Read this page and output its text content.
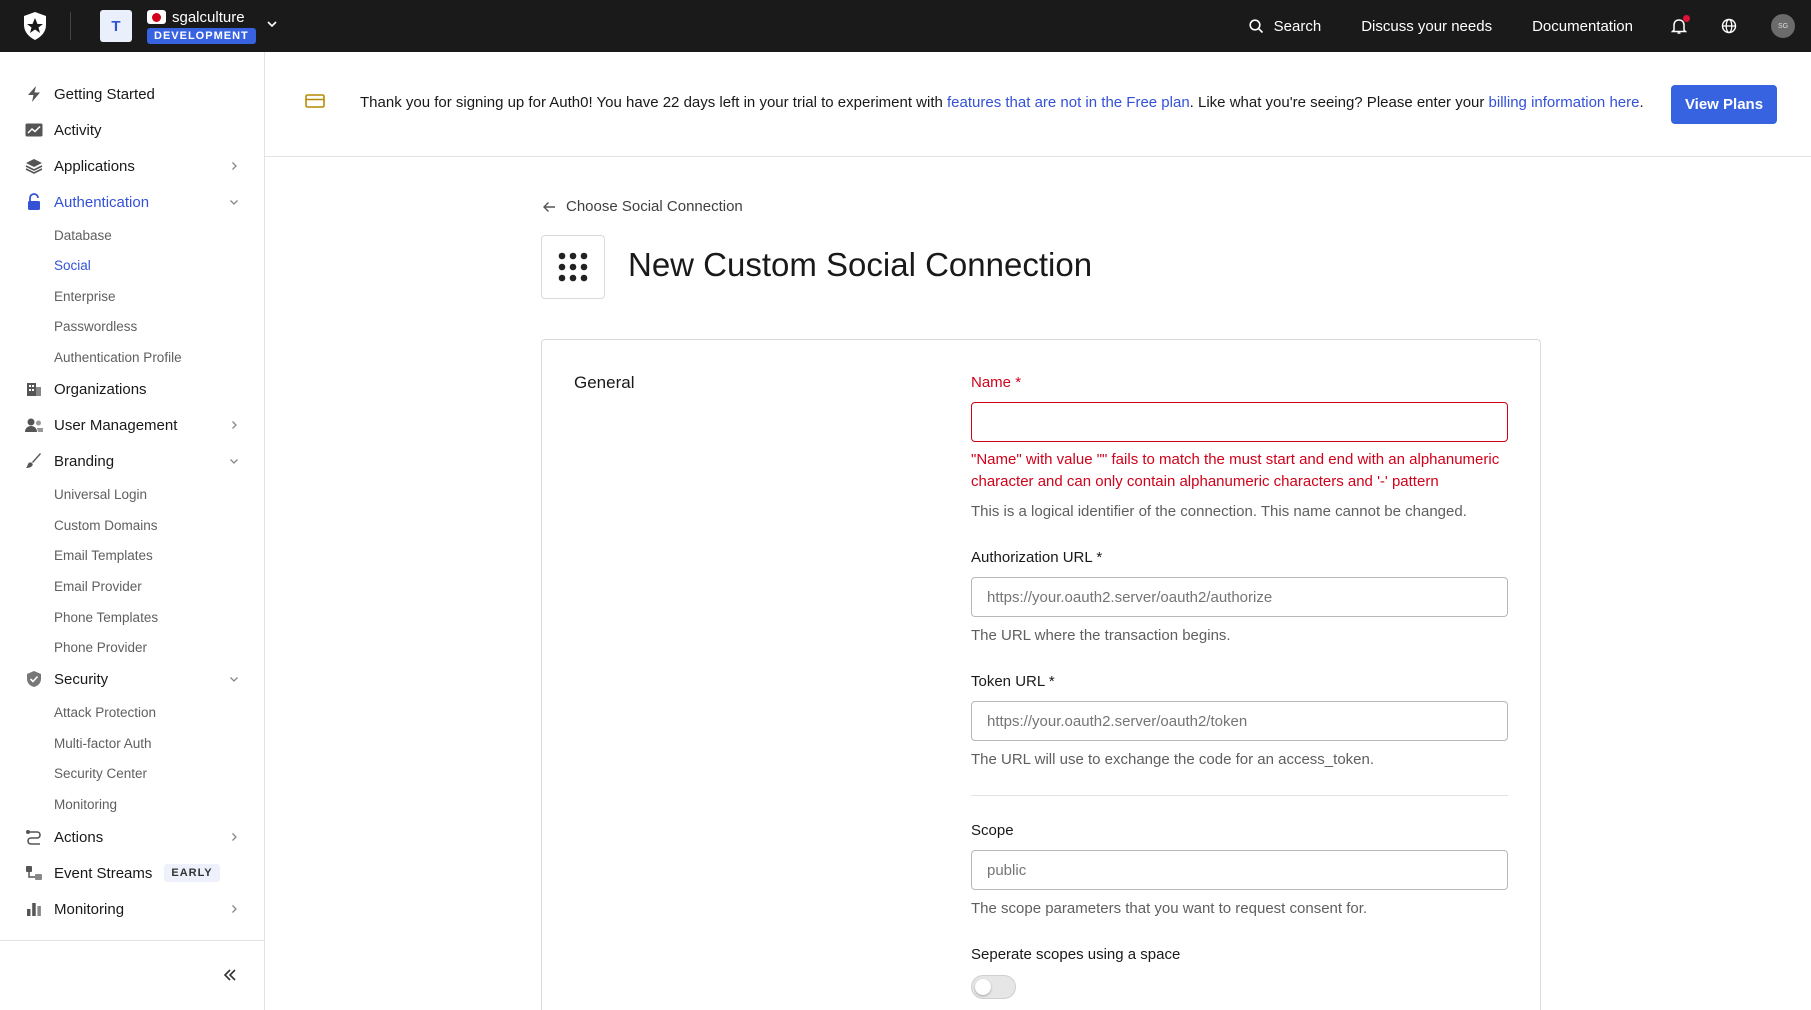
T
sgalculture
DEVELOPMENT
Search	Discuss your needs	Documentation	SG
Getting Started
Activity
Applications
Authentication
Database
Social
Enterprise
Passwordless
Authentication Profile
Organizations
User Management
Branding
Universal Login
Custom Domains
Email Templates
Email Provider
Phone Templates
Phone Provider
Security
Attack Protection
Multi-factor Auth
Security Center
Monitoring
Actions
Event Streams	EARLY
Monitoring
Thank you for signing up for Auth0! You have 22 days left in your trial to experiment with features that are not in the Free plan. Like what you're seeing? Please enter your billing information here.	View Plans
Choose Social Connection
New Custom Social Connection
General	Name *
"Name" with value "" fails to match the must start and end with an alphanumeric character and can only contain alphanumeric characters and '-' pattern
This is a logical identifier of the connection. This name cannot be changed.
Authorization URL *
https://your.oauth2.server/oauth2/authorize
The URL where the transaction begins.
Token URL *
https://your.oauth2.server/oauth2/token
The URL will use to exchange the code for an access_token.
Scope
public
The scope parameters that you want to request consent for.
Seperate scopes using a space
